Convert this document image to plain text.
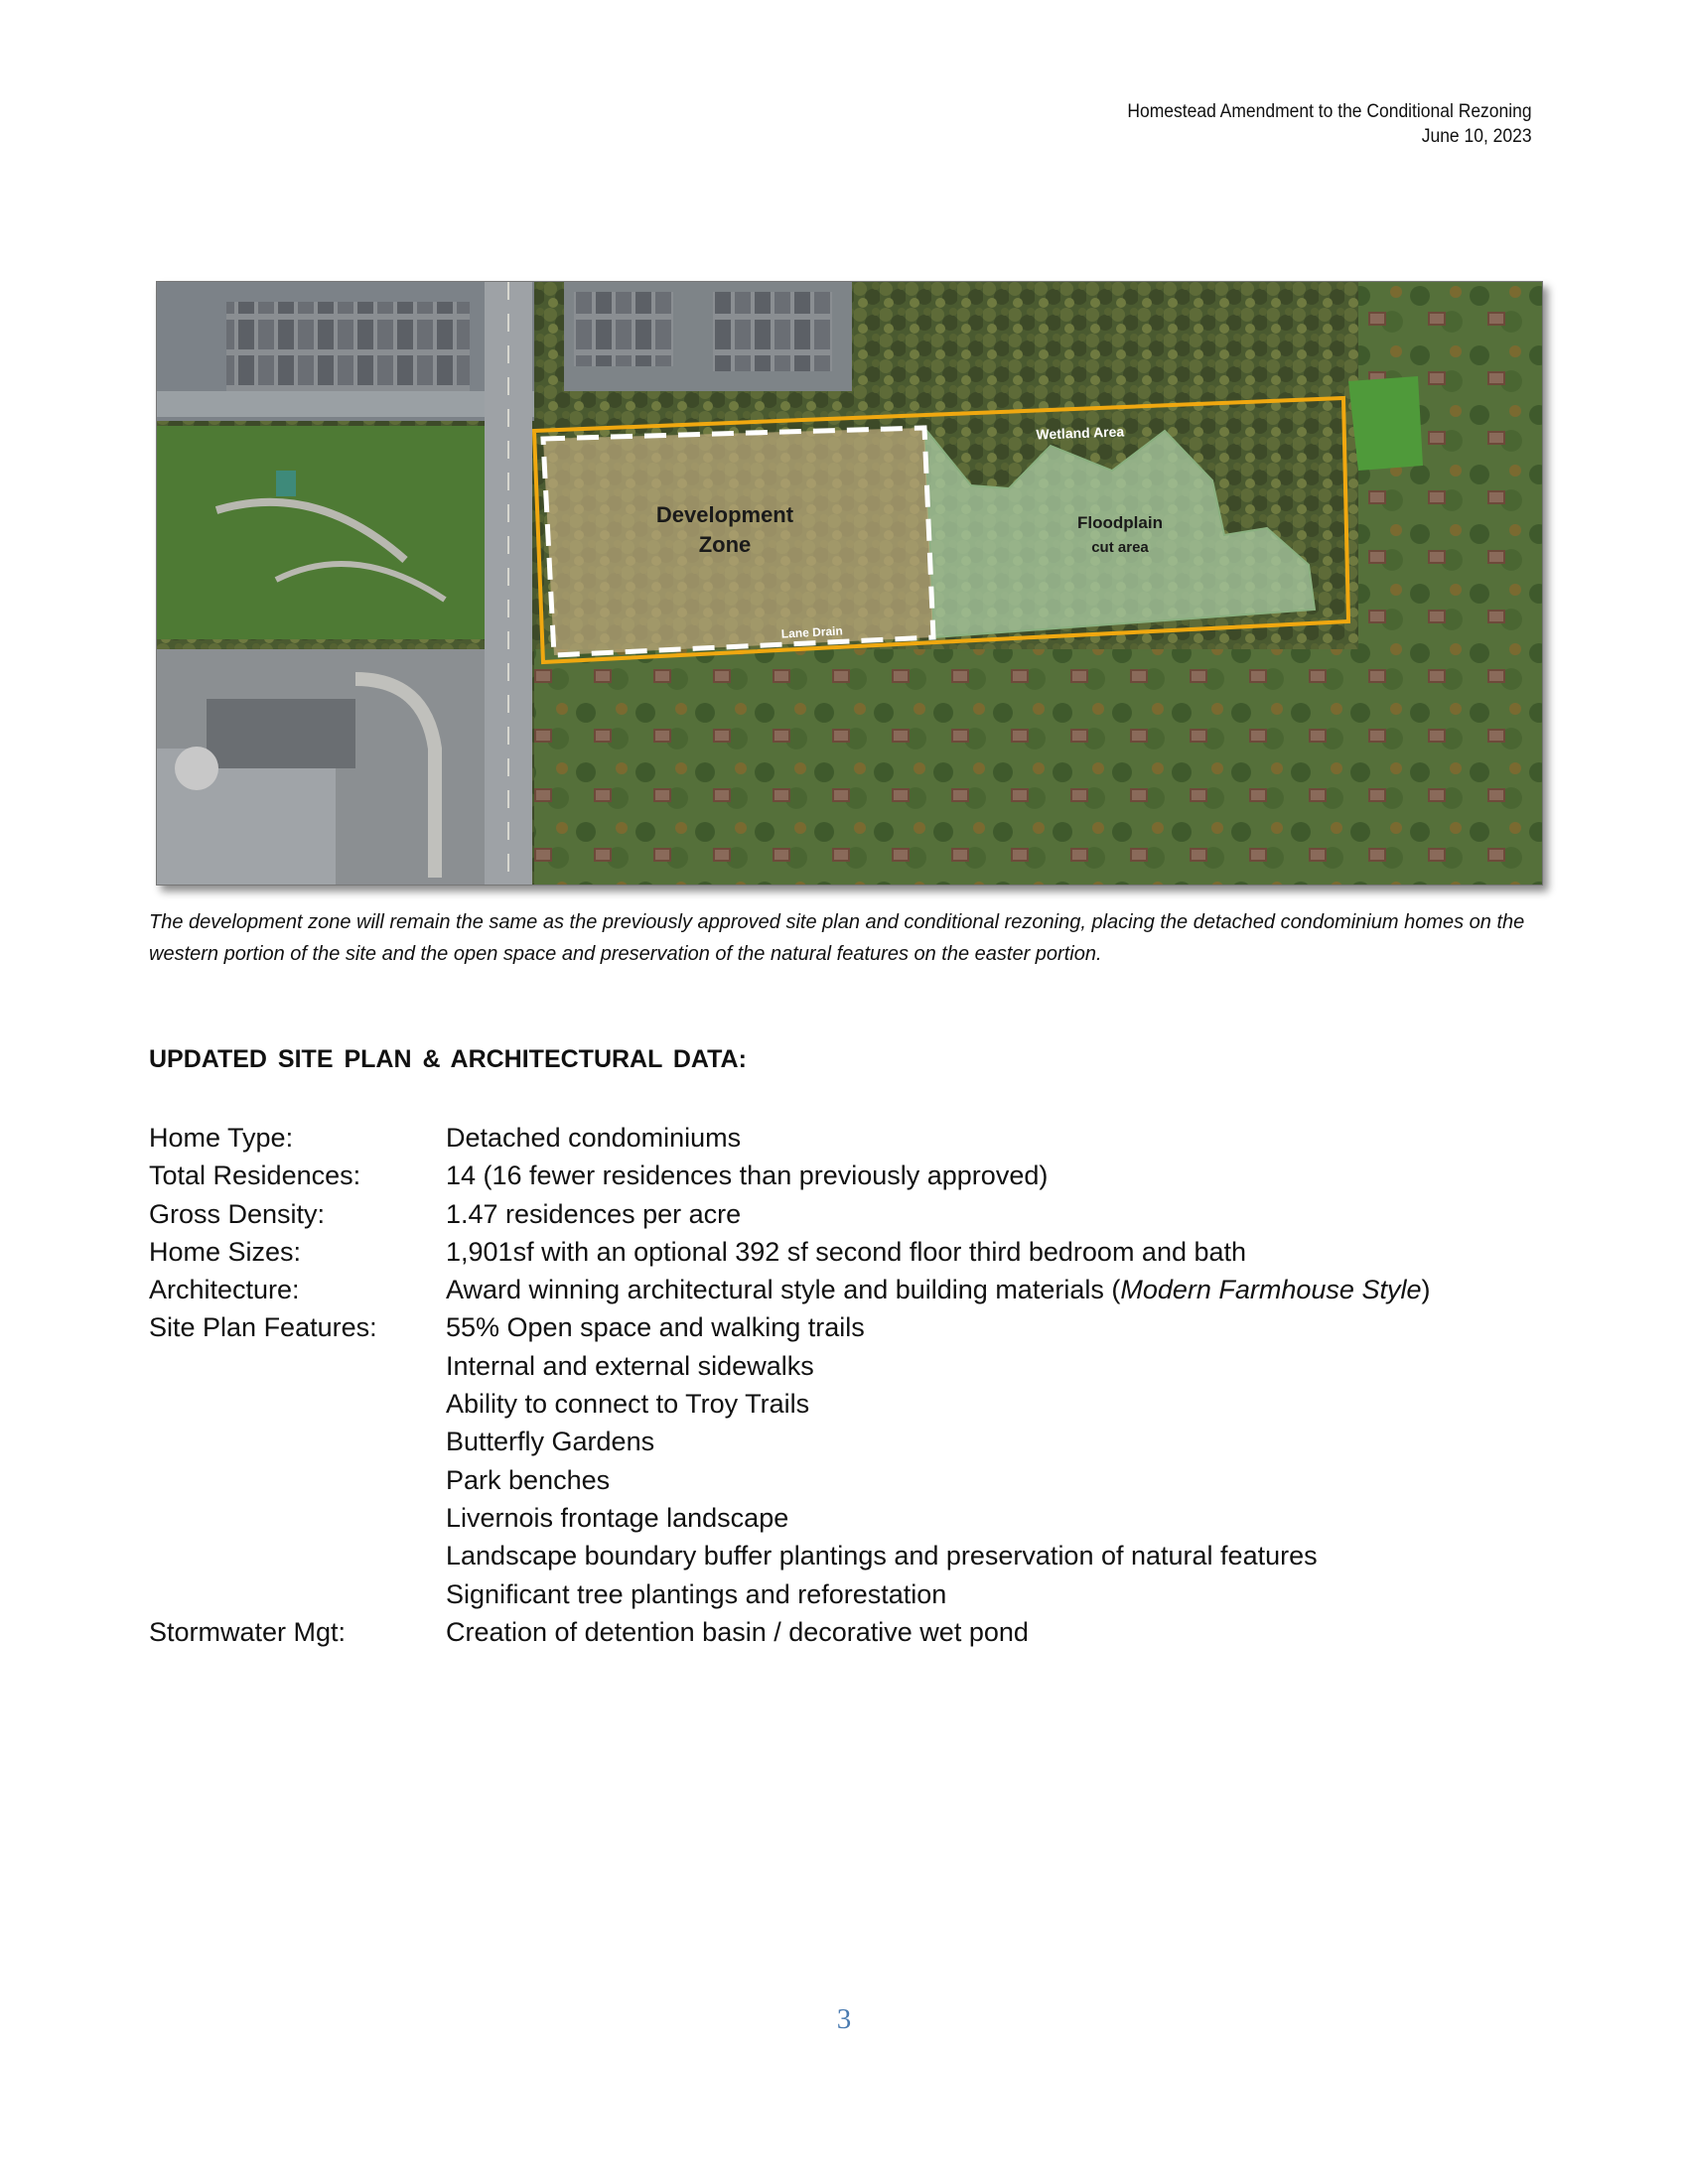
Homestead Amendment to the Conditional Rezoning
June 10, 2023
Development
Zone
Wetland Area
Floodplain
cut area
Lane Drain
The development zone will remain the same as the previously approved site plan and conditional rezoning, placing the detached condominium homes on the western portion of the site and the open space and preservation of the natural features on the easter portion.
UPDATED SITE PLAN & ARCHITECTURAL DATA:
Home Type:	Detached condominiums
Total Residences:	14 (16 fewer residences than previously approved)
Gross Density:	1.47 residences per acre
Home Sizes:	1,901sf with an optional 392 sf second floor third bedroom and bath
Architecture:	Award winning architectural style and building materials (Modern Farmhouse Style)
Site Plan Features:	55% Open space and walking trails
Internal and external sidewalks
Ability to connect to Troy Trails
Butterfly Gardens
Park benches
Livernois frontage landscape
Landscape boundary buffer plantings and preservation of natural features
Significant tree plantings and reforestation
Stormwater Mgt:	Creation of detention basin / decorative wet pond
3
